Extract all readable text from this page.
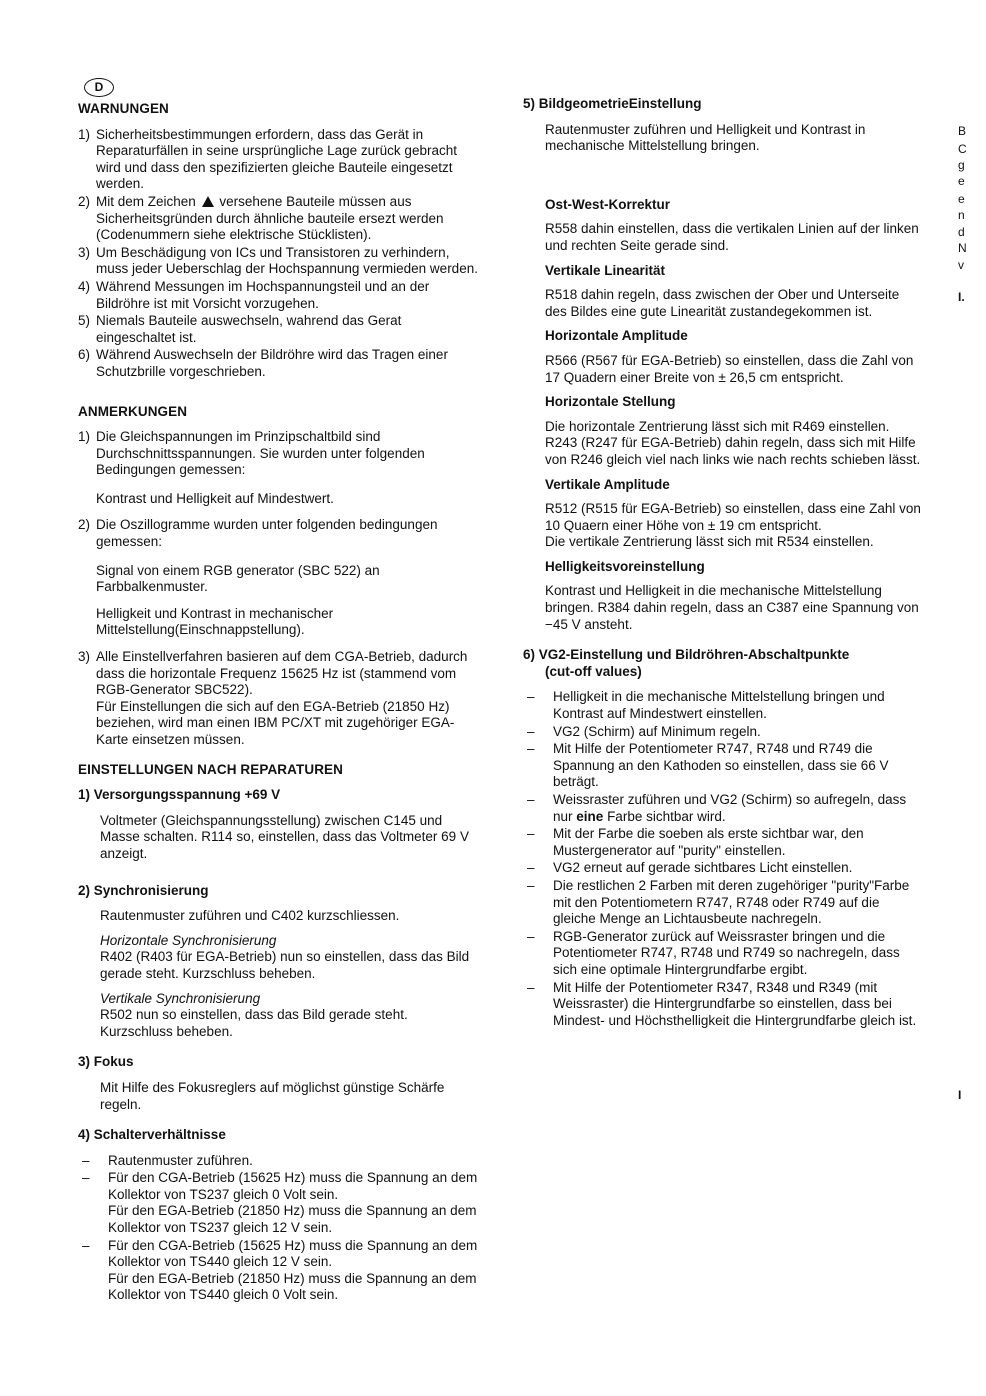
D
WARNUNGEN
1) Sicherheitsbestimmungen erfordern, dass das Gerät in Reparaturfällen in seine ursprüngliche Lage zurück gebracht wird und dass den spezifizierten gleiche Bauteile eingesetzt werden.
2) Mit dem Zeichen versehene Bauteile müssen aus Sicherheitsgründen durch ähnliche bauteile ersezt werden (Codenummern siehe elektrische Stücklisten).
3) Um Beschädigung von ICs und Transistoren zu verhindern, muss jeder Ueberschlag der Hochspannung vermieden werden.
4) Während Messungen im Hochspannungsteil und an der Bildröhre ist mit Vorsicht vorzugehen.
5) Niemals Bauteile auswechseln, wahrend das Gerat eingeschaltet ist.
6) Während Auswechseln der Bildröhre wird das Tragen einer Schutzbrille vorgeschrieben.
ANMERKUNGEN
1) Die Gleichspannungen im Prinzipschaltbild sind Durchschnittsspannungen. Sie wurden unter folgenden Bedingungen gemessen:
Kontrast und Helligkeit auf Mindestwert.
2) Die Oszillogramme wurden unter folgenden bedingungen gemessen:
Signal von einem RGB generator (SBC 522) an Farbbalkenmuster.
Helligkeit und Kontrast in mechanischer Mittelstellung(Einschnappstellung).
3) Alle Einstellverfahren basieren auf dem CGA-Betrieb, dadurch dass die horizontale Frequenz 15625 Hz ist (stammend vom RGB-Generator SBC522).
Für Einstellungen die sich auf den EGA-Betrieb (21850 Hz) beziehen, wird man einen IBM PC/XT mit zugehöriger EGA-Karte einsetzen müssen.
EINSTELLUNGEN NACH REPARATUREN
1) Versorgungsspannung +69 V
Voltmeter (Gleichspannungsstellung) zwischen C145 und Masse schalten. R114 so, einstellen, dass das Voltmeter 69 V anzeigt.
2) Synchronisierung
Rautenmuster zuführen und C402 kurzschliessen.
Horizontale Synchronisierung
R402 (R403 für EGA-Betrieb) nun so einstellen, dass das Bild gerade steht. Kurzschluss beheben.
Vertikale Synchronisierung
R502 nun so einstellen, dass das Bild gerade steht. Kurzschluss beheben.
3) Fokus
Mit Hilfe des Fokusreglers auf möglichst günstige Schärfe regeln.
4) Schalterverhältnisse
– Rautenmuster zuführen.
– Für den CGA-Betrieb (15625 Hz) muss die Spannung an dem Kollektor von TS237 gleich 0 Volt sein.
Für den EGA-Betrieb (21850 Hz) muss die Spannung an dem Kollektor von TS237 gleich 12 V sein.
– Für den CGA-Betrieb (15625 Hz) muss die Spannung an dem Kollektor von TS440 gleich 12 V sein.
Für den EGA-Betrieb (21850 Hz) muss die Spannung an dem Kollektor von TS440 gleich 0 Volt sein.
5) BildgeometrieEinstellung
Rautenmuster zuführen und Helligkeit und Kontrast in mechanische Mittelstellung bringen.
Ost-West-Korrektur
R558 dahin einstellen, dass die vertikalen Linien auf der linken und rechten Seite gerade sind.
Vertikale Linearität
R518 dahin regeln, dass zwischen der Ober und Unterseite des Bildes eine gute Linearität zustandegekommen ist.
Horizontale Amplitude
R566 (R567 für EGA-Betrieb) so einstellen, dass die Zahl von 17 Quadern einer Breite von ± 26,5 cm entspricht.
Horizontale Stellung
Die horizontale Zentrierung lässt sich mit R469 einstellen. R243 (R247 für EGA-Betrieb) dahin regeln, dass sich mit Hilfe von R246 gleich viel nach links wie nach rechts schieben lässt.
Vertikale Amplitude
R512 (R515 für EGA-Betrieb) so einstellen, dass eine Zahl von 10 Quaern einer Höhe von ± 19 cm entspricht.
Die vertikale Zentrierung lässt sich mit R534 einstellen.
Helligkeitsvoreinstellung
Kontrast und Helligkeit in die mechanische Mittelstellung bringen. R384 dahin regeln, dass an C387 eine Spannung von −45 V ansteht.
6) VG2-Einstellung und Bildröhren-Abschaltpunkte
(cut-off values)
– Helligkeit in die mechanische Mittelstellung bringen und Kontrast auf Mindestwert einstellen.
– VG2 (Schirm) auf Minimum regeln.
– Mit Hilfe der Potentiometer R747, R748 und R749 die Spannung an den Kathoden so einstellen, dass sie 66 V beträgt.
– Weissraster zuführen und VG2 (Schirm) so aufregeln, dass nur eine Farbe sichtbar wird.
– Mit der Farbe die soeben als erste sichtbar war, den Mustergenerator auf "purity" einstellen.
– VG2 erneut auf gerade sichtbares Licht einstellen.
– Die restlichen 2 Farben mit deren zugehöriger "purity"Farbe mit den Potentiometern R747, R748 oder R749 auf die gleiche Menge an Lichtausbeute nachregeln.
– RGB-Generator zurück auf Weissraster bringen und die Potentiometer R747, R748 und R749 so nachregeln, dass sich eine optimale Hintergrundfarbe ergibt.
– Mit Hilfe der Potentiometer R347, R348 und R349 (mit Weissraster) die Hintergrundfarbe so einstellen, dass bei Mindest- und Höchsthelligkeit die Hintergrundfarbe gleich ist.
B
C
g
e
e
n
d
N
v
I.
I
